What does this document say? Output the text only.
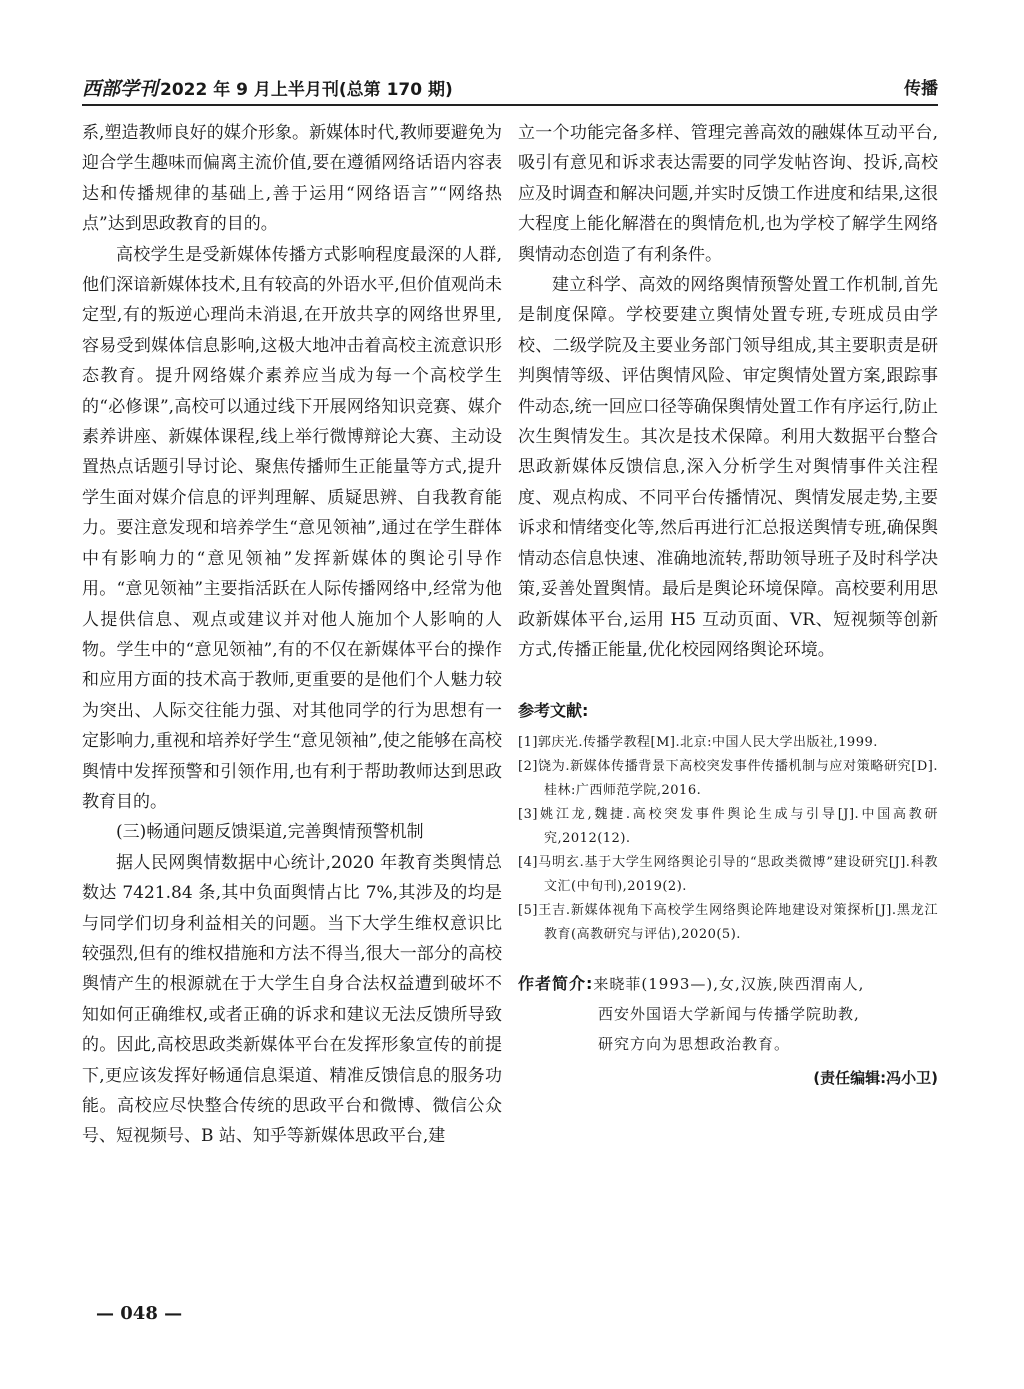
西部学刊 2022 年 9 月上半月刊(总第 170 期)	传播

系,塑造教师良好的媒介形象。新媒体时代,教师要避免为迎合学生趣味而偏离主流价值,要在遵循网络话语内容表达和传播规律的基础上,善于运用“网络语言”“网络热点”达到思政教育的目的。

高校学生是受新媒体传播方式影响程度最深的人群,他们深谙新媒体技术,且有较高的外语水平,但价值观尚未定型,有的叛逆心理尚未消退,在开放共享的网络世界里,容易受到媒体信息影响,这极大地冲击着高校主流意识形态教育。提升网络媒介素养应当成为每一个高校学生的“必修课”,高校可以通过线下开展网络知识竞赛、媒介素养讲座、新媒体课程,线上举行微博辩论大赛、主动设置热点话题引导讨论、聚焦传播师生正能量等方式,提升学生面对媒介信息的评判理解、质疑思辨、自我教育能力。要注意发现和培养学生“意见领袖”,通过在学生群体中有影响力的“意见领袖”发挥新媒体的舆论引导作用。“意见领袖”主要指活跃在人际传播网络中,经常为他人提供信息、观点或建议并对他人施加个人影响的人物。学生中的“意见领袖”,有的不仅在新媒体平台的操作和应用方面的技术高于教师,更重要的是他们个人魅力较为突出、人际交往能力强、对其他同学的行为思想有一定影响力,重视和培养好学生“意见领袖”,使之能够在高校舆情中发挥预警和引领作用,也有利于帮助教师达到思政教育目的。

(三)畅通问题反馈渠道,完善舆情预警机制

据人民网舆情数据中心统计,2020 年教育类舆情总数达 7421.84 条,其中负面舆情占比 7%,其涉及的均是与同学们切身利益相关的问题。当下大学生维权意识比较强烈,但有的维权措施和方法不得当,很大一部分的高校舆情产生的根源就在于大学生自身合法权益遭到破坏不知如何正确维权,或者正确的诉求和建议无法反馈所导致的。因此,高校思政类新媒体平台在发挥形象宣传的前提下,更应该发挥好畅通信息渠道、精准反馈信息的服务功能。高校应尽快整合传统的思政平台和微博、微信公众号、短视频号、B 站、知乎等新媒体思政平台,建

立一个功能完备多样、管理完善高效的融媒体互动平台,吸引有意见和诉求表达需要的同学发帖咨询、投诉,高校应及时调查和解决问题,并实时反馈工作进度和结果,这很大程度上能化解潜在的舆情危机,也为学校了解学生网络舆情动态创造了有利条件。

建立科学、高效的网络舆情预警处置工作机制,首先是制度保障。学校要建立舆情处置专班,专班成员由学校、二级学院及主要业务部门领导组成,其主要职责是研判舆情等级、评估舆情风险、审定舆情处置方案,跟踪事件动态,统一回应口径等确保舆情处置工作有序运行,防止次生舆情发生。其次是技术保障。利用大数据平台整合思政新媒体反馈信息,深入分析学生对舆情事件关注程度、观点构成、不同平台传播情况、舆情发展走势,主要诉求和情绪变化等,然后再进行汇总报送舆情专班,确保舆情动态信息快速、准确地流转,帮助领导班子及时科学决策,妥善处置舆情。最后是舆论环境保障。高校要利用思政新媒体平台,运用 H5 互动页面、VR、短视频等创新方式,传播正能量,优化校园网络舆论环境。

参考文献:

[1]郭庆光.传播学教程[M].北京:中国人民大学出版社,1999.

[2]饶为.新媒体传播背景下高校突发事件传播机制与应对策略研究[D].桂林:广西师范学院,2016.

[3]姚江龙,魏捷.高校突发事件舆论生成与引导[J].中国高教研究,2012(12).

[4]马明玄.基于大学生网络舆论引导的“思政类微博”建设研究[J].科教文汇(中旬刊),2019(2).

[5]王吉.新媒体视角下高校学生网络舆论阵地建设对策探析[J].黑龙江教育(高教研究与评估),2020(5).

作者简介:来晓菲(1993—),女,汉族,陕西渭南人,
西安外国语大学新闻与传播学院助教,
研究方向为思想政治教育。
(责任编辑:冯小卫)
— 048 —
